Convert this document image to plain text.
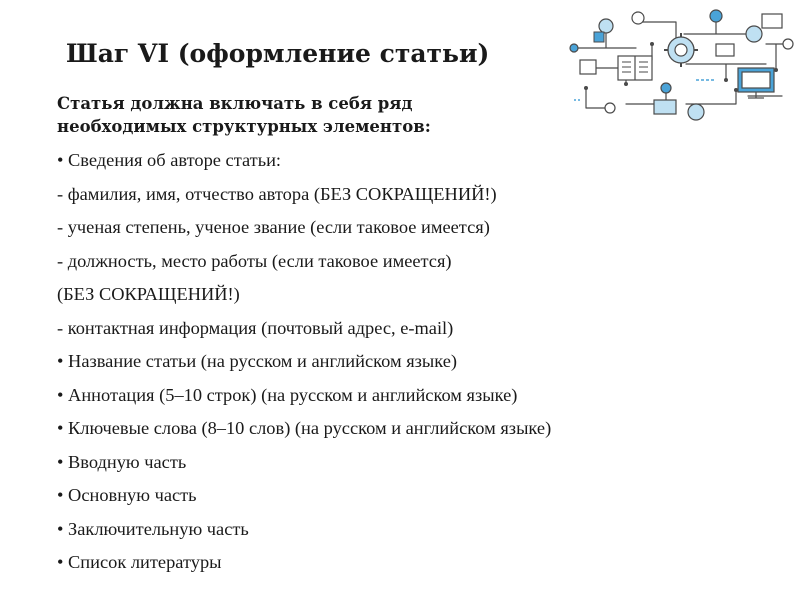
Шаг VI (оформление статьи)

Статья должна включать в себя ряд
необходимых структурных элементов:

• Сведения об авторе статьи:
- фамилия, имя, отчество автора (БЕЗ СОКРАЩЕНИЙ!)
- ученая степень, ученое звание (если таковое имеется)
- должность, место работы (если таковое имеется)
(БЕЗ СОКРАЩЕНИЙ!)
- контактная информация (почтовый адрес, e-mail)
• Название статьи (на русском и английском языке)
• Аннотация (5–10 строк) (на русском и английском языке)
• Ключевые слова (8–10 слов) (на русском и английском языке)
• Вводную часть
• Основную часть
• Заключительную часть
• Список литературы
